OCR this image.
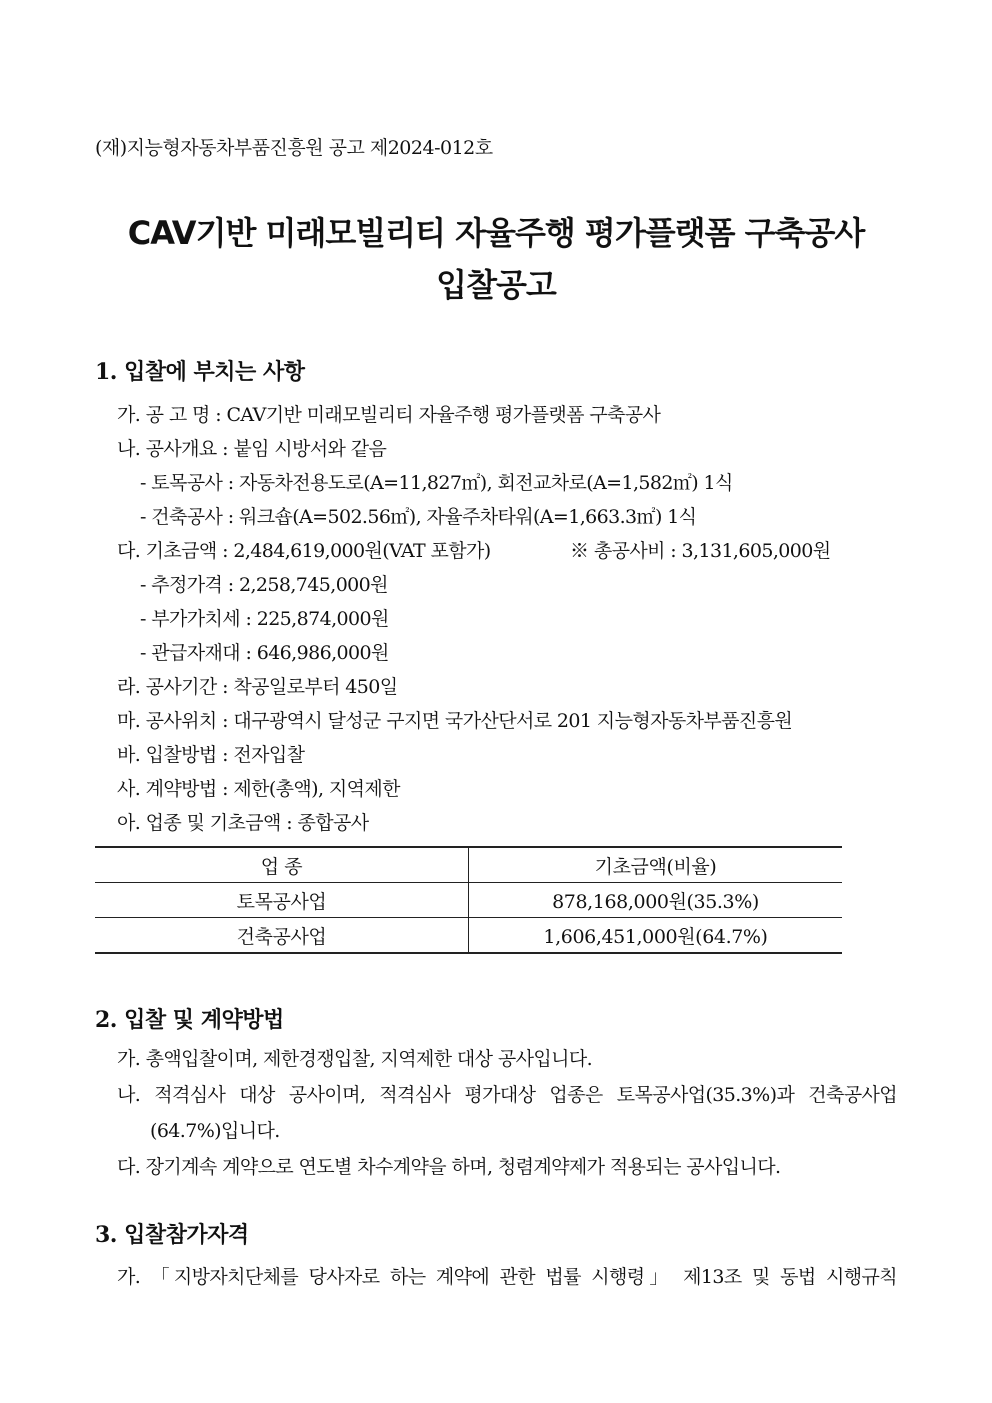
(재)지능형자동차부품진흥원 공고 제2024-012호
CAV기반 미래모빌리티 자율주행 평가플랫폼 구축공사
입찰공고
1. 입찰에 부치는 사항
가. 공 고 명 : CAV기반 미래모빌리티 자율주행 평가플랫폼 구축공사
나. 공사개요 : 붙임 시방서와 같음
- 토목공사 : 자동차전용도로(A=11,827㎡), 회전교차로(A=1,582㎡) 1식
- 건축공사 : 워크숍(A=502.56㎡), 자율주차타워(A=1,663.3㎡) 1식
다. 기초금액 : 2,484,619,000원(VAT 포함가)	※ 총공사비 : 3,131,605,000원
- 추정가격 : 2,258,745,000원
- 부가가치세 : 225,874,000원
- 관급자재대 : 646,986,000원
라. 공사기간 : 착공일로부터 450일
마. 공사위치 : 대구광역시 달성군 구지면 국가산단서로 201 지능형자동차부품진흥원
바. 입찰방법 : 전자입찰
사. 계약방법 : 제한(총액), 지역제한
아. 업종 및 기초금액 : 종합공사
업 종	기초금액(비율)
토목공사업	878,168,000원(35.3%)
건축공사업	1,606,451,000원(64.7%)
2. 입찰 및 계약방법
가. 총액입찰이며, 제한경쟁입찰, 지역제한 대상 공사입니다.
나. 적격심사 대상 공사이며, 적격심사 평가대상 업종은 토목공사업(35.3%)과 건축공사업
(64.7%)입니다.
다. 장기계속 계약으로 연도별 차수계약을 하며, 청렴계약제가 적용되는 공사입니다.
3. 입찰참가자격
가. 「지방자치단체를 당사자로 하는 계약에 관한 법률 시행령」 제13조 및 동법 시행규칙
